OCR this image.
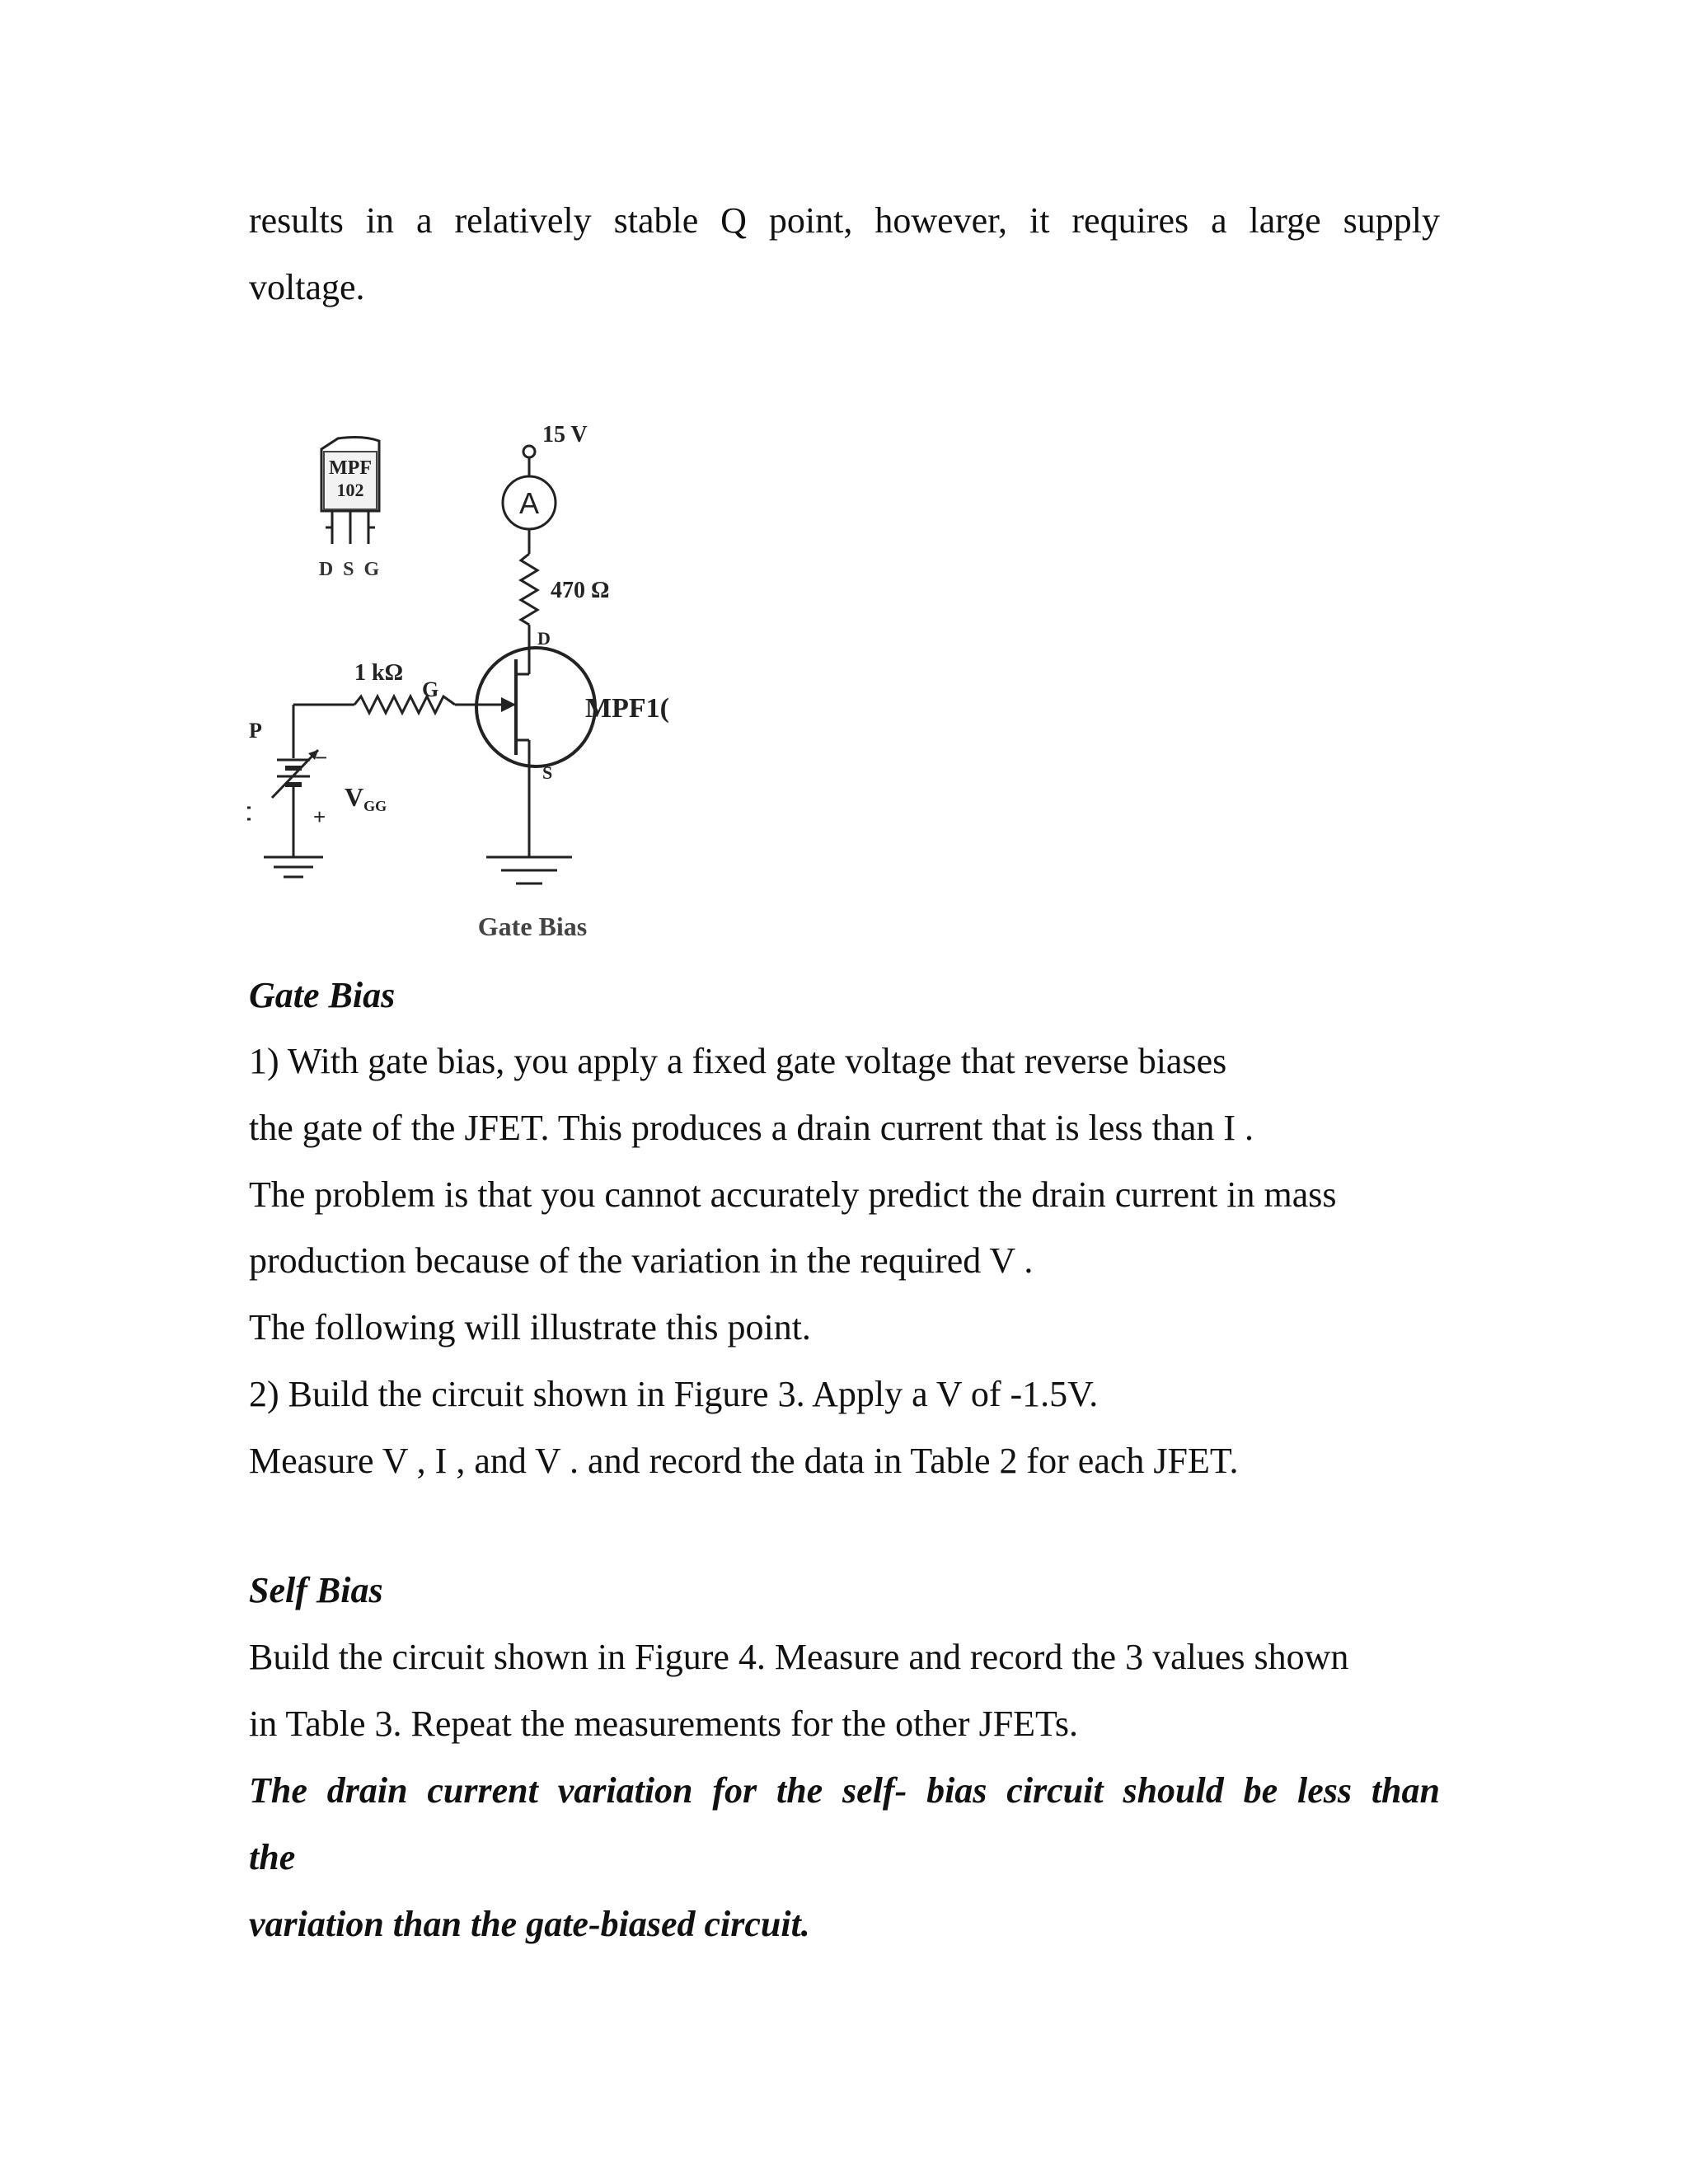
results in a relatively stable Q point, however, it requires a large supply
voltage.
MPF
102
D S G
15 V
A
470 Ω
D
S
MPF1(
G
1 kΩ
P
−
+
VGG
Gate Bias
Gate Bias
1) With gate bias, you apply a fixed gate voltage that reverse biases
the gate of the JFET. This produces a drain current that is less than I .
The problem is that you cannot accurately predict the drain current in mass
production because of the variation in the required V .
The following will illustrate this point.
2) Build the circuit shown in Figure 3. Apply a V of -1.5V.
Measure V , I , and V . and record the data in Table 2 for each JFET.
Self Bias
Build the circuit shown in Figure 4. Measure and record the 3 values shown
in Table 3. Repeat the measurements for the other JFETs.
The drain current variation for the self- bias circuit should be less than
the
variation than the gate-biased circuit.
